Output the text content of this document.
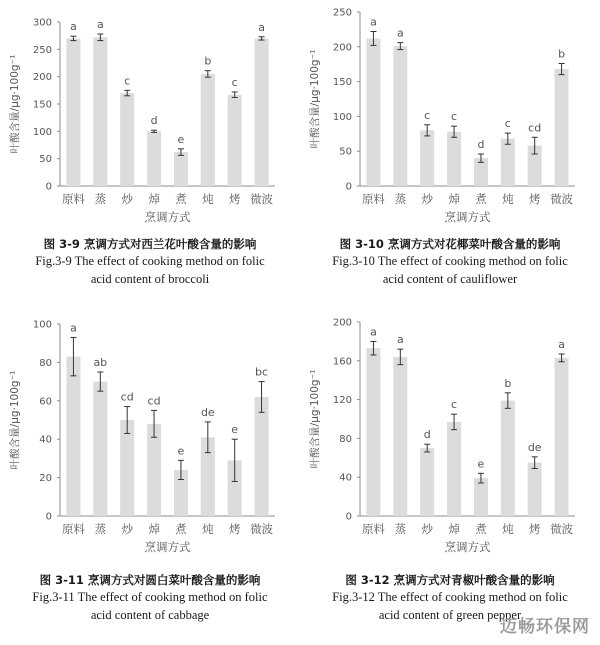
0
50
100
150
200
250
300
叶酸含量/μg·100g⁻¹
a
原料
a
蒸
c
炒
d
焯
e
煮
b
炖
c
烤
a
微波
烹调方式
图 3-9 烹调方式对西兰花叶酸含量的影响
Fig.3-9 The effect of cooking method on folic
acid content of broccoli
0
50
100
150
200
250
叶酸含量/μg·100g⁻¹
a
原料
a
蒸
c
炒
c
焯
d
煮
c
炖
cd
烤
b
微波
烹调方式
图 3-10 烹调方式对花椰菜叶酸含量的影响
Fig.3-10 The effect of cooking method on folic
acid content of cauliflower
0
20
40
60
80
100
叶酸含量/μg·100g⁻¹
a
原料
ab
蒸
cd
炒
cd
焯
e
煮
de
炖
e
烤
bc
微波
烹调方式
图 3-11 烹调方式对圆白菜叶酸含量的影响
Fig.3-11 The effect of cooking method on folic
acid content of cabbage
0
40
80
120
160
200
叶酸含量/μg·100g⁻¹
a
原料
a
蒸
d
炒
c
焯
e
煮
b
炖
de
烤
a
微波
烹调方式
图 3-12 烹调方式对青椒叶酸含量的影响
Fig.3-12 The effect of cooking method on folic
acid content of green pepper
迈畅环保网
